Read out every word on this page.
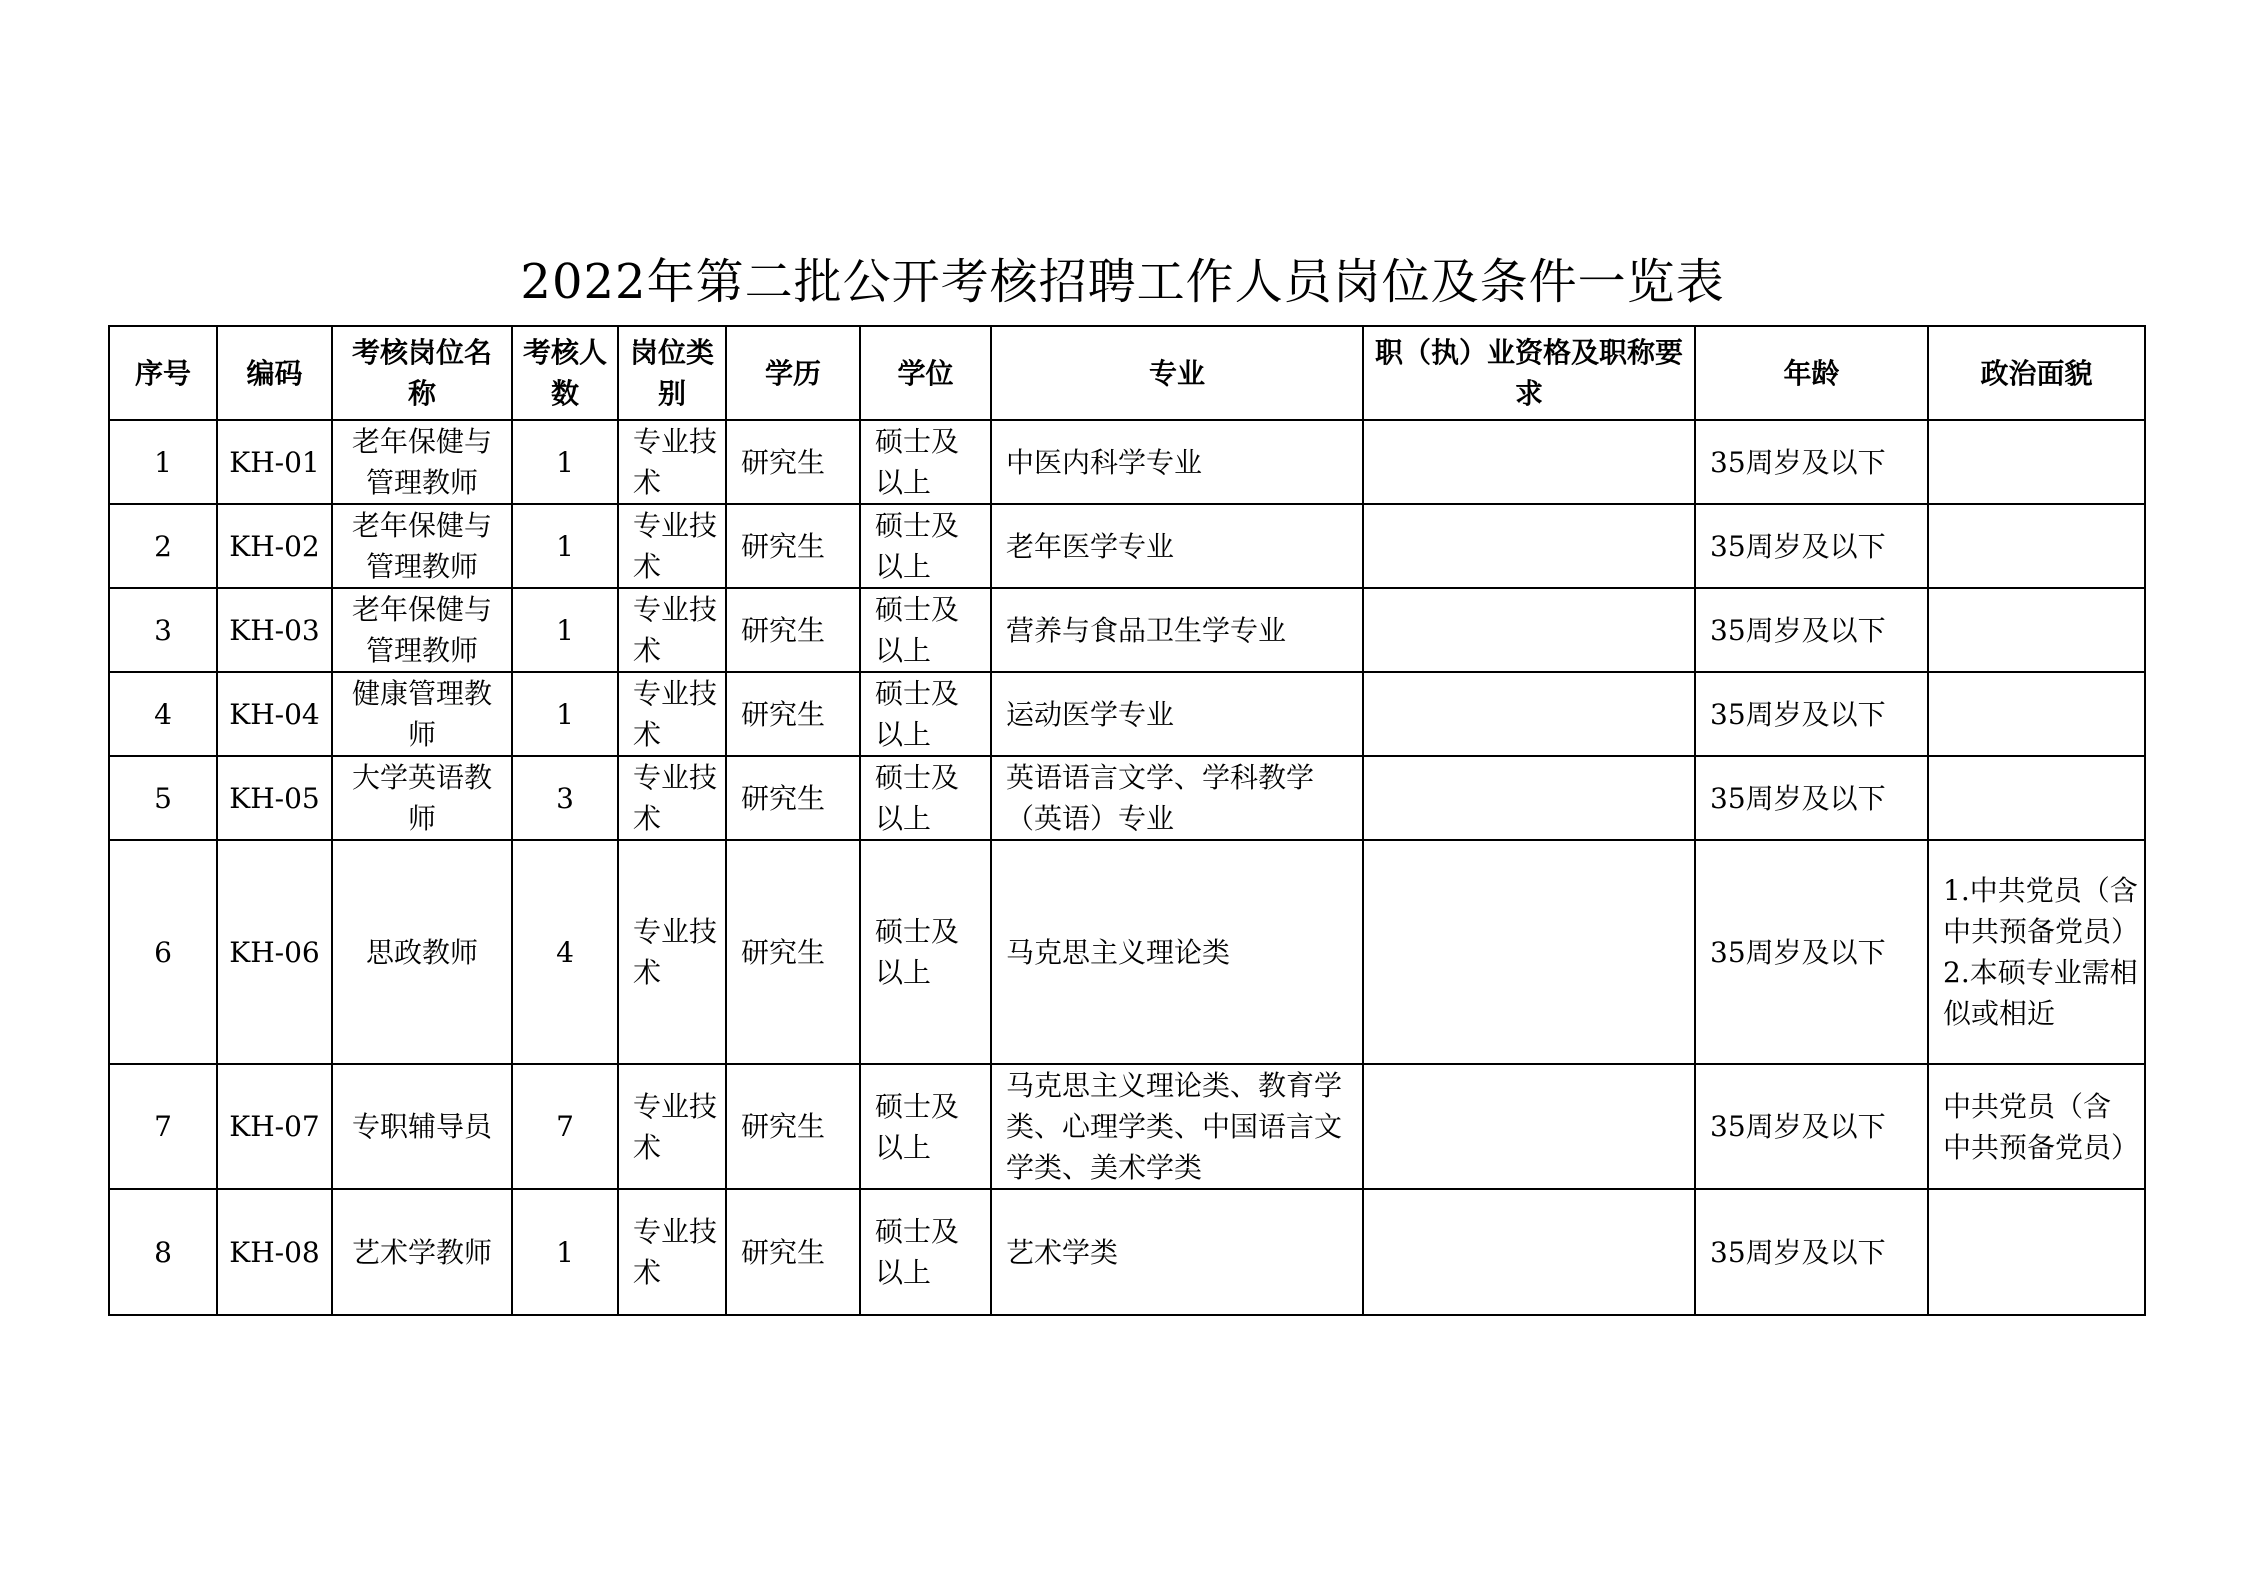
2022年第二批公开考核招聘工作人员岗位及条件一览表
序号	编码	考核岗位名称	考核人数	岗位类别	学历	学位	专业	职（执）业资格及职称要求	年龄	政治面貌
1	KH-01	老年保健与管理教师	1	专业技术	研究生	硕士及以上	中医内科学专业		35周岁及以下	
2	KH-02	老年保健与管理教师	1	专业技术	研究生	硕士及以上	老年医学专业		35周岁及以下	
3	KH-03	老年保健与管理教师	1	专业技术	研究生	硕士及以上	营养与食品卫生学专业		35周岁及以下	
4	KH-04	健康管理教师	1	专业技术	研究生	硕士及以上	运动医学专业		35周岁及以下	
5	KH-05	大学英语教师	3	专业技术	研究生	硕士及以上	英语语言文学、学科教学（英语）专业		35周岁及以下	
6	KH-06	思政教师	4	专业技术	研究生	硕士及以上	马克思主义理论类		35周岁及以下	1.中共党员（含中共预备党员）2.本硕专业需相似或相近
7	KH-07	专职辅导员	7	专业技术	研究生	硕士及以上	马克思主义理论类、教育学类、心理学类、中国语言文学类、美术学类		35周岁及以下	中共党员（含中共预备党员）
8	KH-08	艺术学教师	1	专业技术	研究生	硕士及以上	艺术学类		35周岁及以下	
